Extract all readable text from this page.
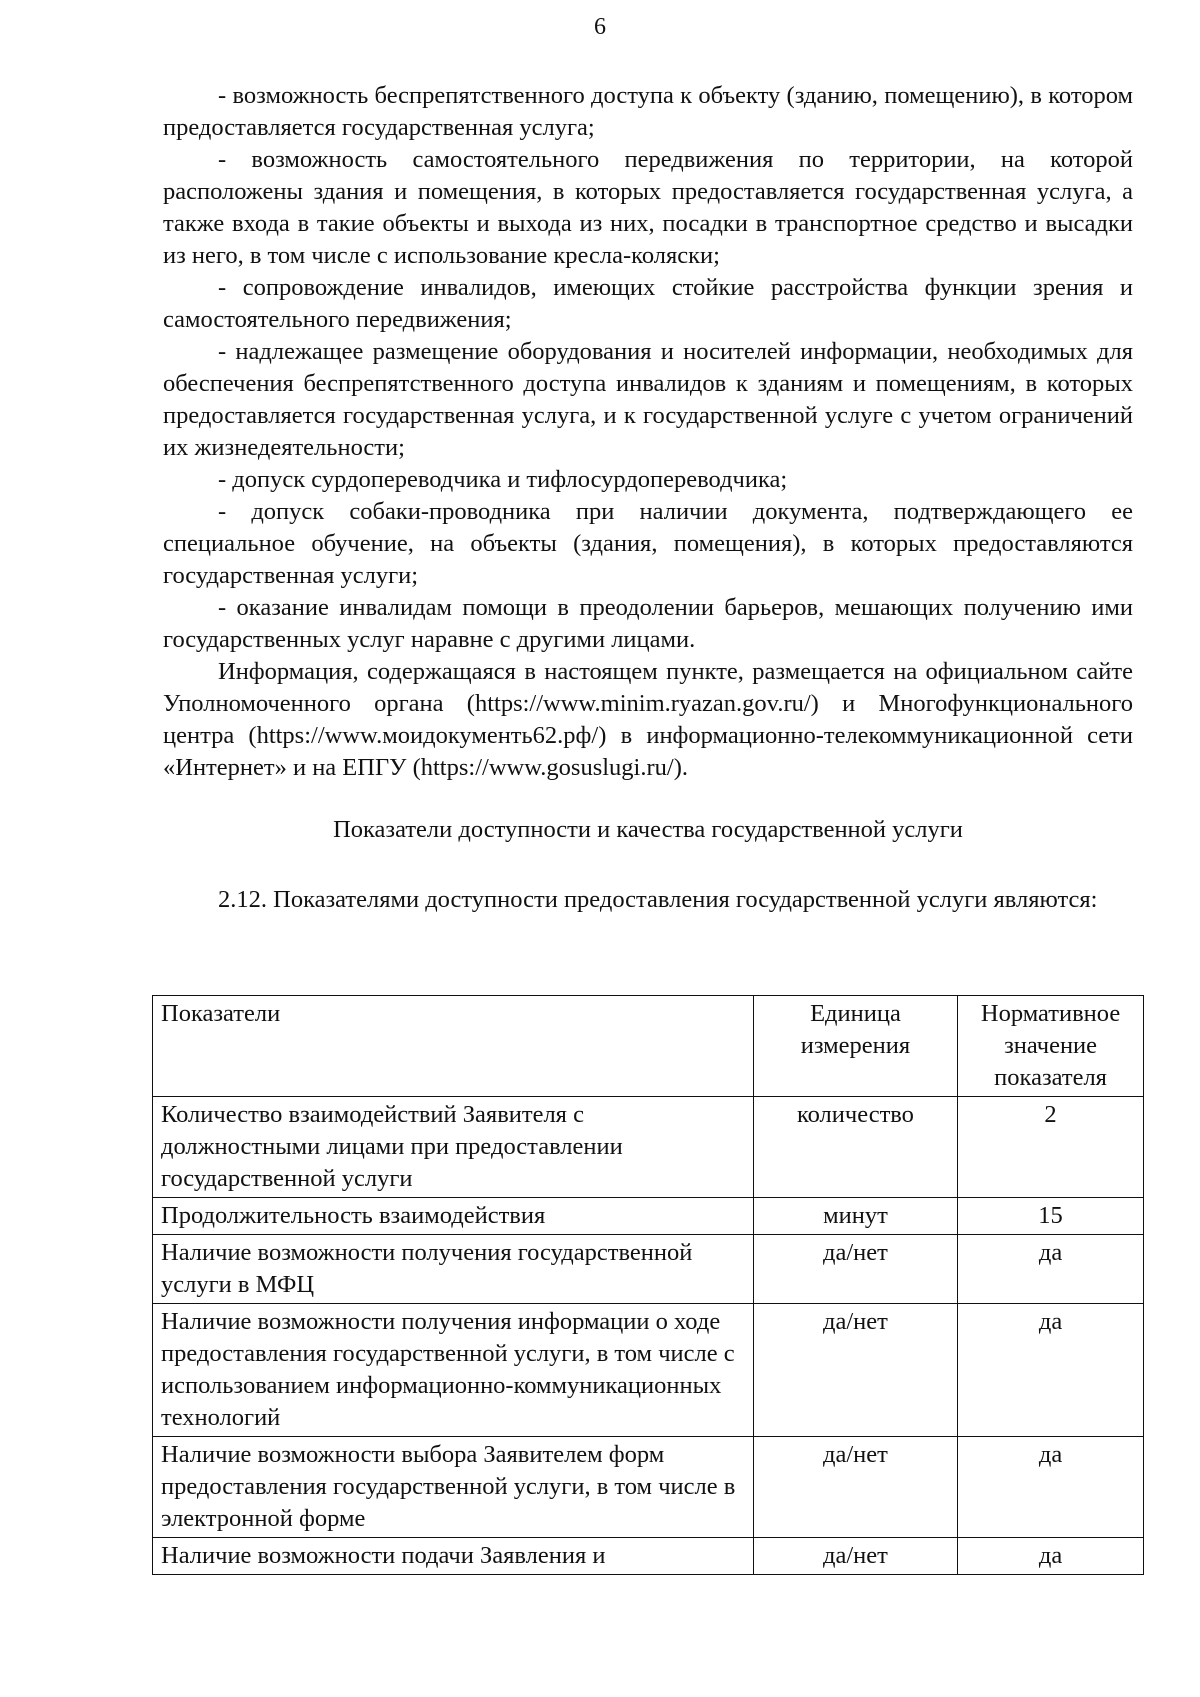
6

- возможность беспрепятственного доступа к объекту (зданию, помещению), в котором предоставляется государственная услуга;

- возможность самостоятельного передвижения по территории, на которой расположены здания и помещения, в которых предоставляется государственная услуга, а также входа в такие объекты и выхода из них, посадки в транспортное средство и высадки из него, в том числе с использование кресла-коляски;

- сопровождение инвалидов, имеющих стойкие расстройства функции зрения и самостоятельного передвижения;

- надлежащее размещение оборудования и носителей информации, необходимых для обеспечения беспрепятственного доступа инвалидов к зданиям и помещениям, в которых предоставляется государственная услуга, и к государственной услуге с учетом ограничений их жизнедеятельности;

- допуск сурдопереводчика и тифлосурдопереводчика;

- допуск собаки-проводника при наличии документа, подтверждающего ее специальное обучение, на объекты (здания, помещения), в которых предоставляются государственная услуги;

- оказание инвалидам помощи в преодолении барьеров, мешающих получению ими государственных услуг наравне с другими лицами.

Информация, содержащаяся в настоящем пункте, размещается на официальном сайте Уполномоченного органа (https://www.minim.ryazan.gov.ru/) и Многофункционального центра (https://www.моидокументь62.рф/) в информационно-телекоммуникационной сети «Интернет» и на ЕПГУ (https://www.gosuslugi.ru/).

Показатели доступности и качества государственной услуги

2.12. Показателями доступности предоставления государственной услуги являются:

Показатели	Единица измерения	Нормативное значение показателя
Количество взаимодействий Заявителя с должностными лицами при предоставлении государственной услуги	количество	2
Продолжительность взаимодействия	минут	15
Наличие возможности получения государственной услуги в МФЦ	да/нет	да
Наличие возможности получения информации о ходе предоставления государственной услуги, в том числе с использованием информационно-коммуникационных технологий	да/нет	да
Наличие возможности выбора Заявителем форм предоставления государственной услуги, в том числе в электронной форме	да/нет	да
Наличие возможности подачи Заявления и	да/нет	да
